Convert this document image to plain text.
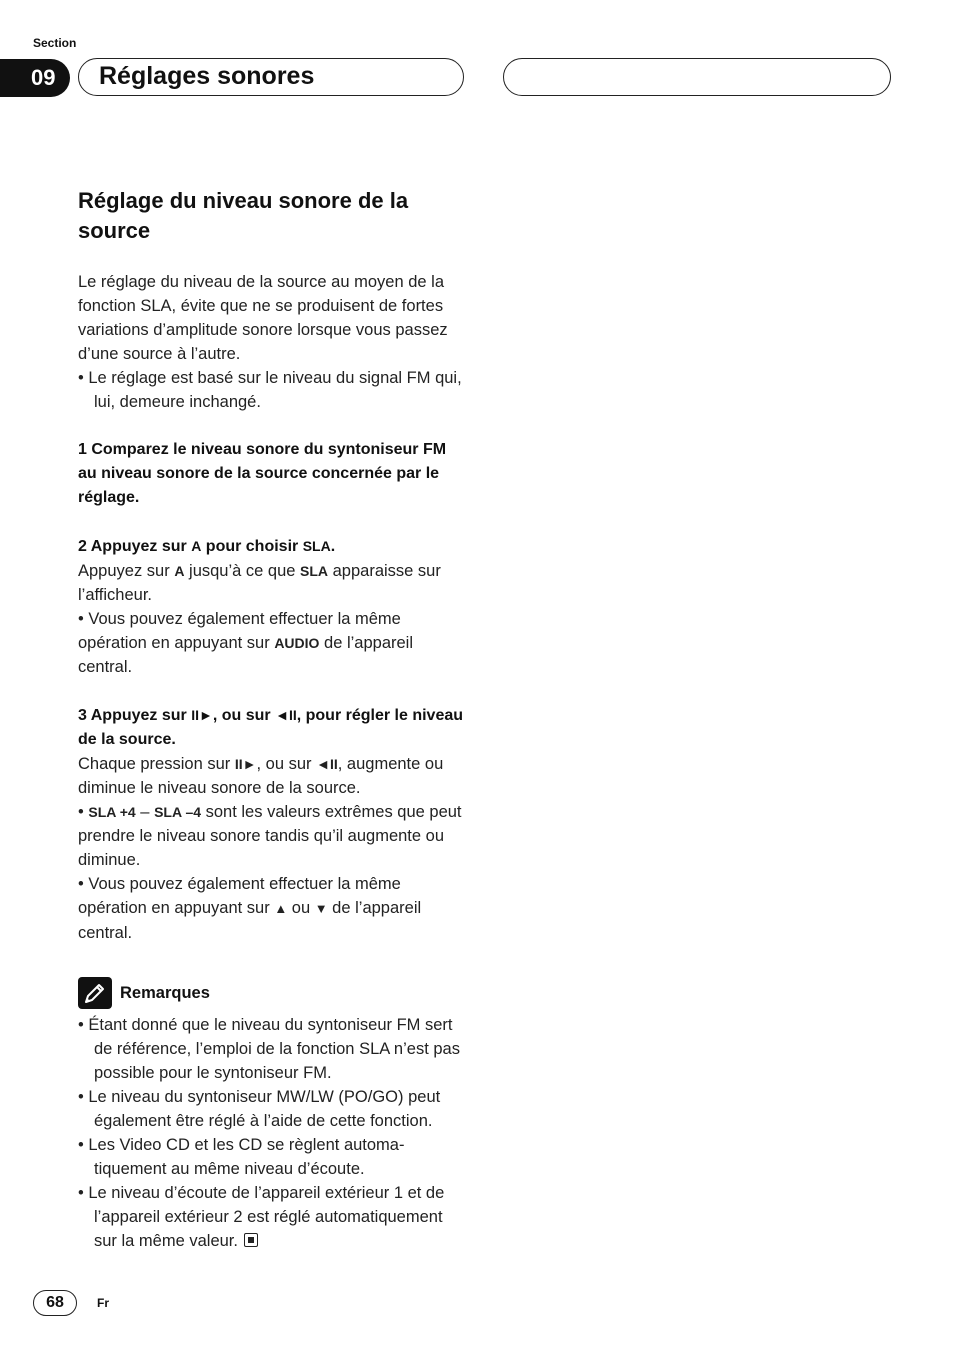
Section
09	Réglages sonores
Réglage du niveau sonore de la source

Le réglage du niveau de la source au moyen de la fonction SLA, évite que ne se produisent de fortes variations d’amplitude sonore lorsque vous passez d’une source à l’autre.

• Le réglage est basé sur le niveau du signal FM qui, lui, demeure inchangé.

1 Comparez le niveau sonore du syntoniseur FM au niveau sonore de la source concernée par le réglage.

2 Appuyez sur A pour choisir SLA.

Appuyez sur A jusqu’à ce que SLA apparaisse sur l’afficheur.

• Vous pouvez également effectuer la même opération en appuyant sur AUDIO de l’appareil central.

3 Appuyez sur II►, ou sur ◄II, pour régler le niveau de la source.

Chaque pression sur II►, ou sur ◄II, augmente ou diminue le niveau sonore de la source.

• SLA +4 – SLA –4 sont les valeurs extrêmes que peut prendre le niveau sonore tandis qu’il augmente ou diminue.

• Vous pouvez également effectuer la même opération en appuyant sur ▲ ou ▼ de l’appareil central.

Remarques

• Étant donné que le niveau du syntoniseur FM sert de référence, l’emploi de la fonction SLA n’est pas possible pour le syntoniseur FM.

• Le niveau du syntoniseur MW/LW (PO/GO) peut également être réglé à l’aide de cette fonction.

• Les Video CD et les CD se règlent automa-tiquement au même niveau d’écoute.

• Le niveau d’écoute de l’appareil extérieur 1 et de l’appareil extérieur 2 est réglé automatiquement sur la même valeur.

68	Fr
